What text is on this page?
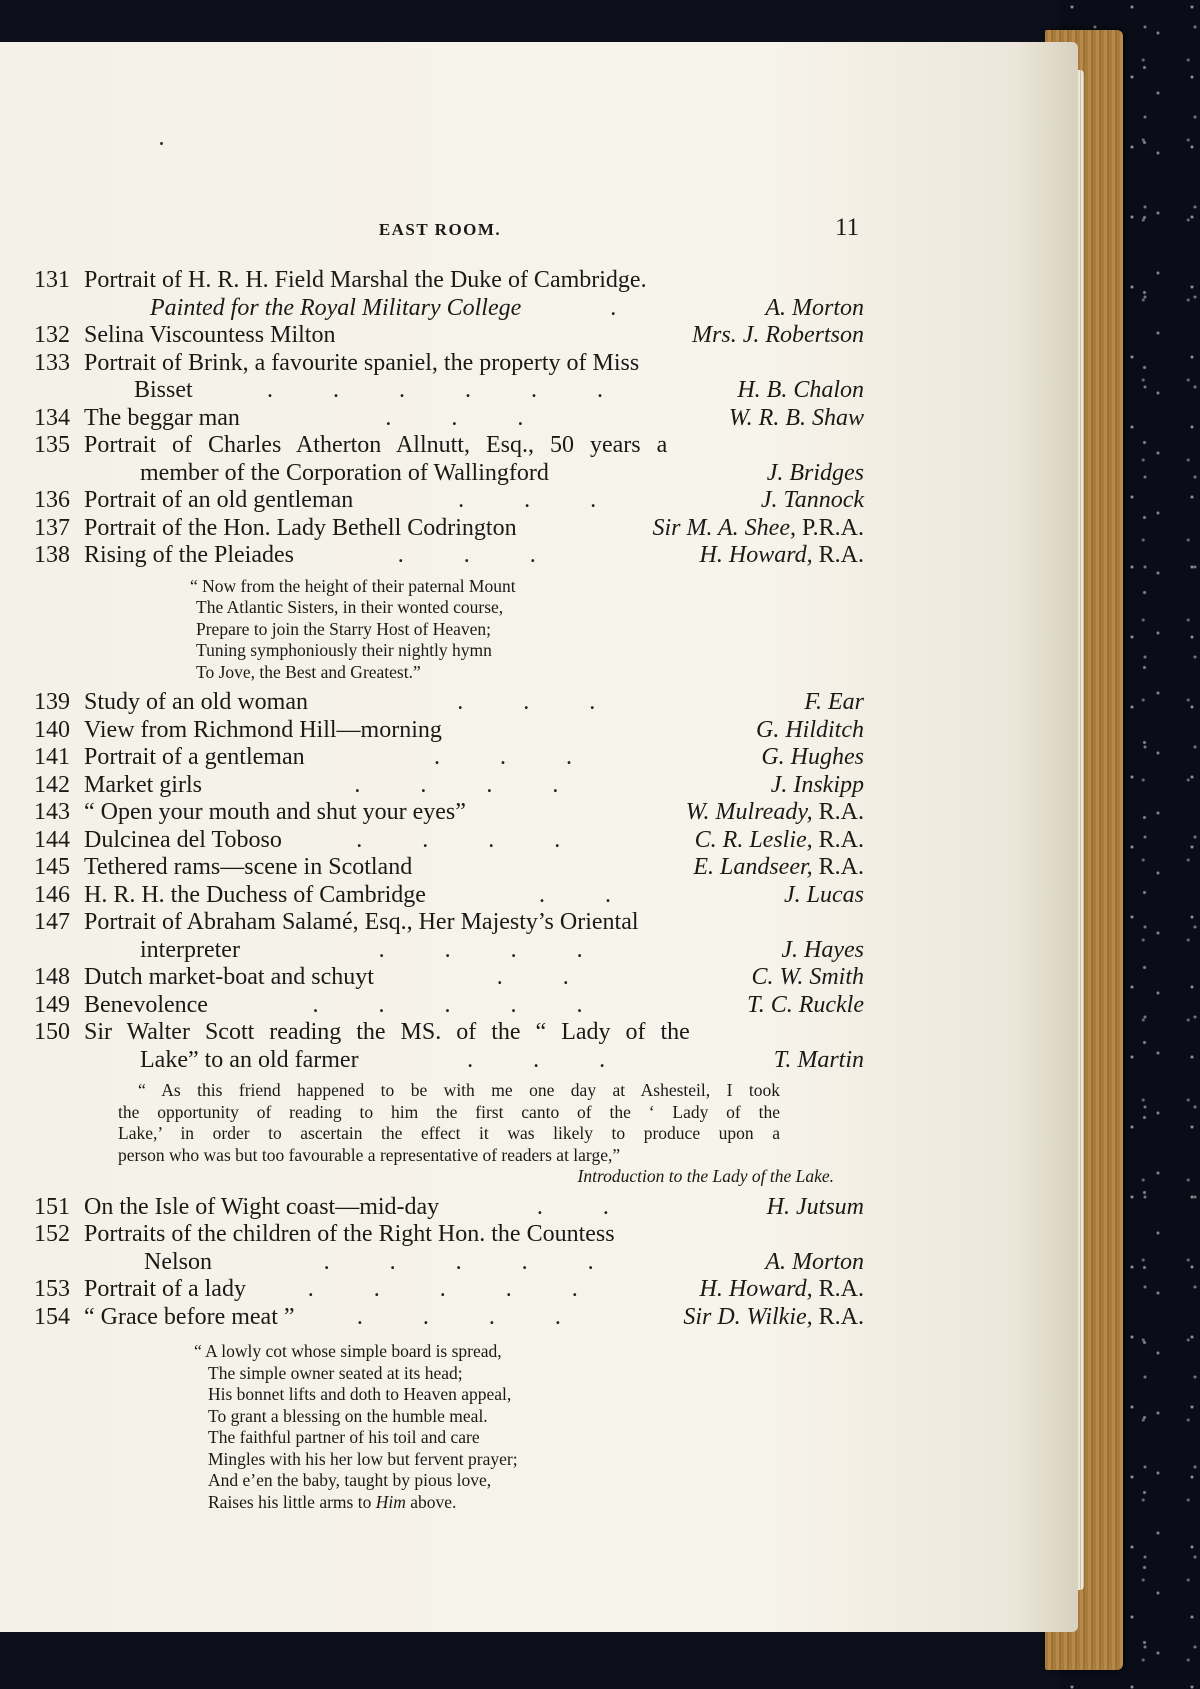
EAST ROOM.	11
131 Portrait of H. R. H. Field Marshal the Duke of Cambridge.
Painted for the Royal Military College	.	A. Morton
132 Selina Viscountess Milton	Mrs. J. Robertson
133 Portrait of Brink, a favourite spaniel, the property of Miss
Bisset	......	H. B. Chalon
134 The beggar man	...	W. R. B. Shaw
135 Portrait of Charles Atherton Allnutt, Esq., 50 years a
member of the Corporation of Wallingford	J. Bridges
136 Portrait of an old gentleman	...	J. Tannock
137 Portrait of the Hon. Lady Bethell Codrington	Sir M. A. Shee, P.R.A.
138 Rising of the Pleiades	...	H. Howard, R.A.
“ Now from the height of their paternal Mount
The Atlantic Sisters, in their wonted course,
Prepare to join the Starry Host of Heaven;
Tuning symphoniously their nightly hymn
To Jove, the Best and Greatest.”
139 Study of an old woman	...	F. Ear
140 View from Richmond Hill—morning	G. Hilditch
141 Portrait of a gentleman	...	G. Hughes
142 Market girls	....	J. Inskipp
143 “ Open your mouth and shut your eyes”	W. Mulready, R.A.
144 Dulcinea del Toboso	....	C. R. Leslie, R.A.
145 Tethered rams—scene in Scotland	E. Landseer, R.A.
146 H. R. H. the Duchess of Cambridge	..	J. Lucas
147 Portrait of Abraham Salamé, Esq., Her Majesty’s Oriental
interpreter	....	J. Hayes
148 Dutch market-boat and schuyt	..	C. W. Smith
149 Benevolence	.....	T. C. Ruckle
150 Sir Walter Scott reading the MS. of the “ Lady of the
Lake” to an old farmer	...	T. Martin
“ As this friend happened to be with me one day at Ashesteil, I took
the opportunity of reading to him the first canto of the ‘ Lady of the
Lake,’ in order to ascertain the effect it was likely to produce upon a
person who was but too favourable a representative of readers at large,”
Introduction to the Lady of the Lake.
151 On the Isle of Wight coast—mid-day	..	H. Jutsum
152 Portraits of the children of the Right Hon. the Countess
Nelson	.....	A. Morton
153 Portrait of a lady	.....	H. Howard, R.A.
154 “ Grace before meat ”	....	Sir D. Wilkie, R.A.
“ A lowly cot whose simple board is spread,
The simple owner seated at its head;
His bonnet lifts and doth to Heaven appeal,
To grant a blessing on the humble meal.
The faithful partner of his toil and care
Mingles with his her low but fervent prayer;
And e’en the baby, taught by pious love,
Raises his little arms to Him above.
